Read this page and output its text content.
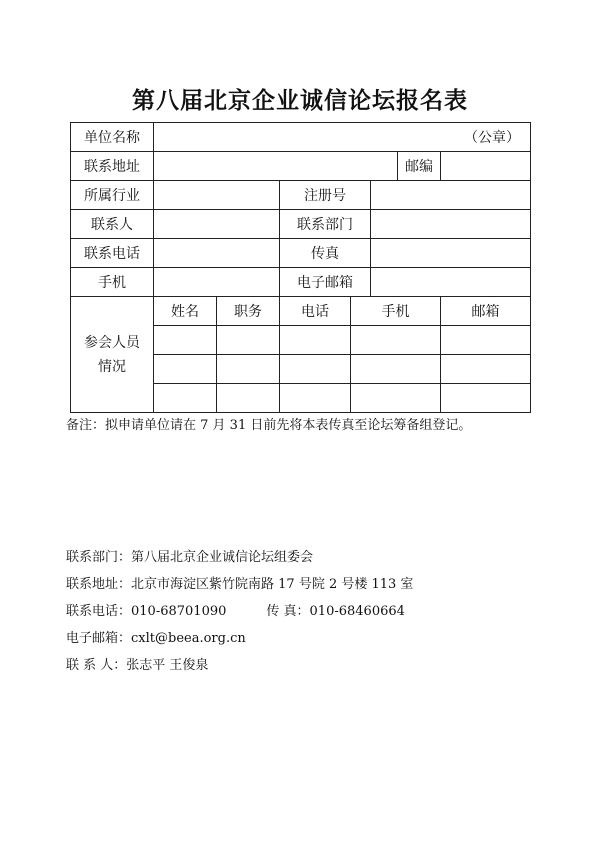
第八届北京企业诚信论坛报名表
单位名称	（公章）						
联系地址						邮编	
所属行业			注册号				
联系人			联系部门				
联系电话			传真				
手机			电子邮箱				

参会人员
情况	姓名	职务	电话	手机			邮箱

备注：拟申请单位请在 7 月 31 日前先将本表传真至论坛筹备组登记。
联系部门：第八届北京企业诚信论坛组委会
联系地址：北京市海淀区紫竹院南路 17 号院 2 号楼 113 室
联系电话：010-68701090	传 真：010-68460664
电子邮箱：cxlt@beea.org.cn
联 系 人：张志平 王俊泉
